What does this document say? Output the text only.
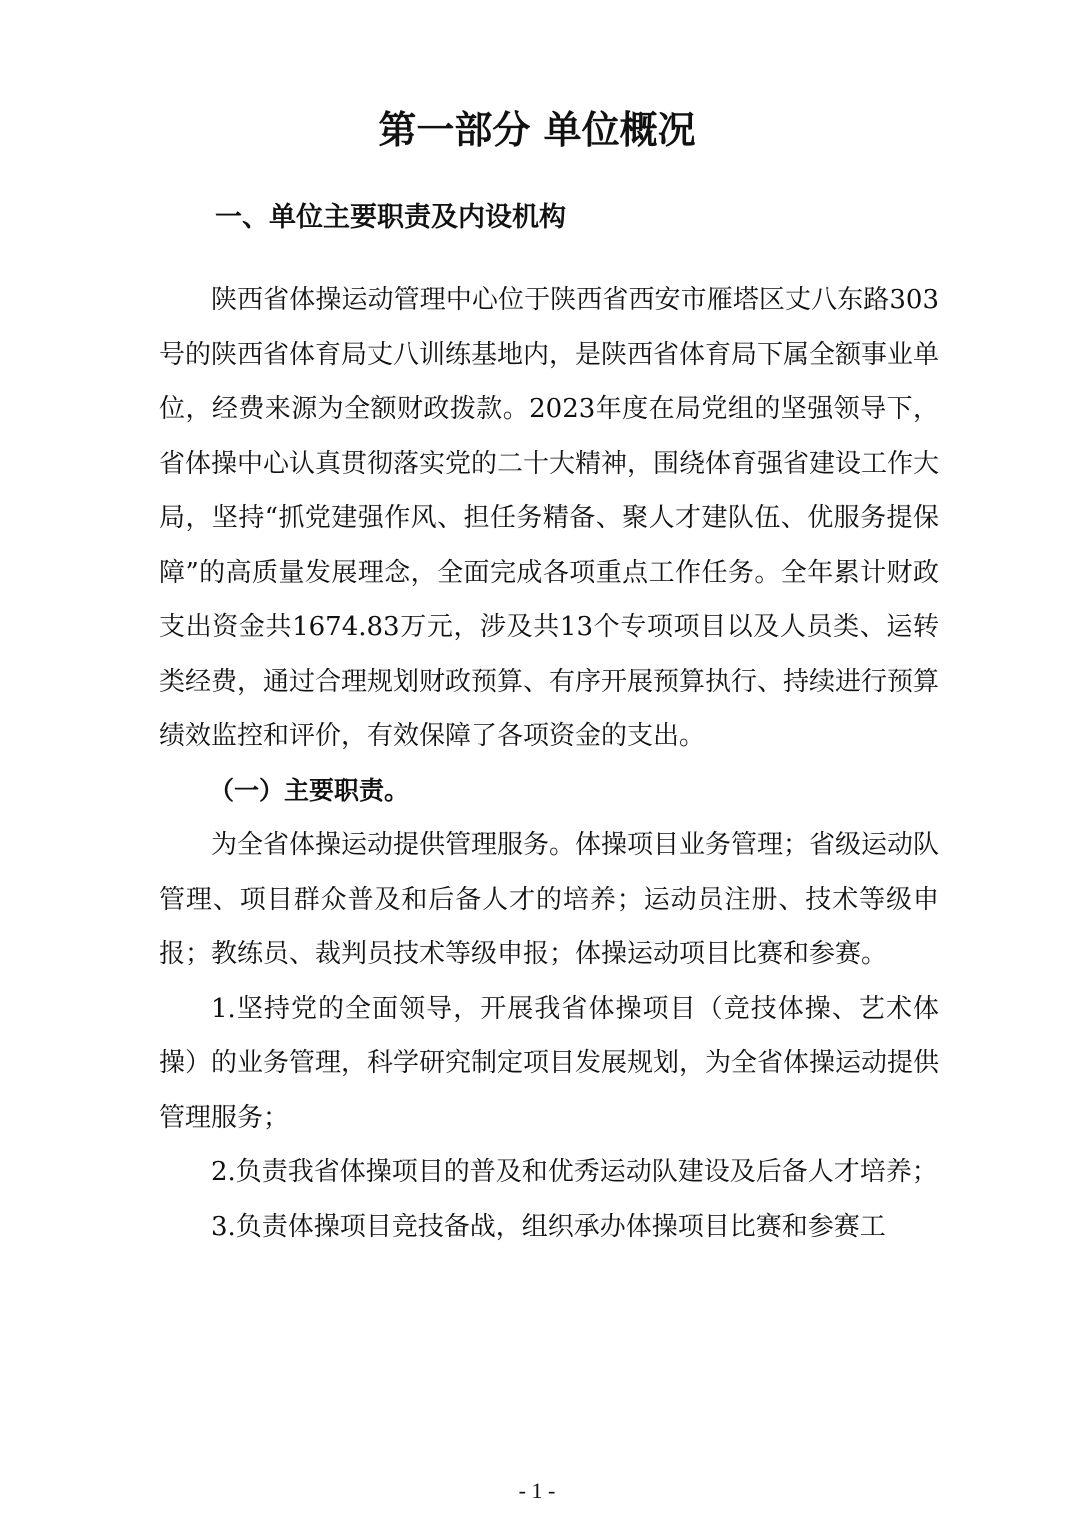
第一部分 单位概况
一、单位主要职责及内设机构

陕西省体操运动管理中心位于陕西省西安市雁塔区丈八东路303号的陕西省体育局丈八训练基地内，是陕西省体育局下属全额事业单位，经费来源为全额财政拨款。2023年度在局党组的坚强领导下，省体操中心认真贯彻落实党的二十大精神，围绕体育强省建设工作大局，坚持“抓党建强作风、担任务精备、聚人才建队伍、优服务提保障”的高质量发展理念，全面完成各项重点工作任务。全年累计财政支出资金共1674.83万元，涉及共13个专项项目以及人员类、运转类经费，通过合理规划财政预算、有序开展预算执行、持续进行预算绩效监控和评价，有效保障了各项资金的支出。

（一）主要职责。

为全省体操运动提供管理服务。体操项目业务管理；省级运动队管理、项目群众普及和后备人才的培养；运动员注册、技术等级申报；教练员、裁判员技术等级申报；体操运动项目比赛和参赛。

1.坚持党的全面领导，开展我省体操项目（竞技体操、艺术体操）的业务管理，科学研究制定项目发展规划，为全省体操运动提供管理服务；

2.负责我省体操项目的普及和优秀运动队建设及后备人才培养；

3.负责体操项目竞技备战，组织承办体操项目比赛和参赛工

- 1 -
